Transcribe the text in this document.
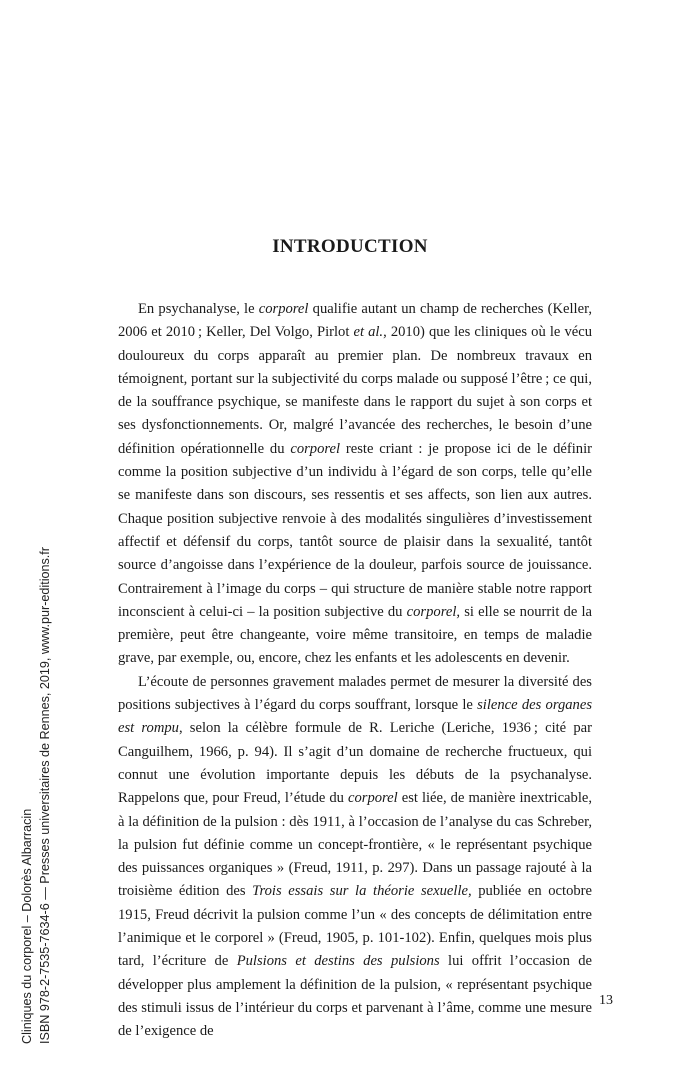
INTRODUCTION

En psychanalyse, le corporel qualifie autant un champ de recherches (Keller, 2006 et 2010 ; Keller, Del Volgo, Pirlot et al., 2010) que les cliniques où le vécu douloureux du corps apparaît au premier plan. De nombreux travaux en témoignent, portant sur la subjectivité du corps malade ou supposé l’être ; ce qui, de la souffrance psychique, se manifeste dans le rapport du sujet à son corps et ses dysfonctionnements. Or, malgré l’avancée des recherches, le besoin d’une définition opérationnelle du corporel reste criant : je propose ici de le définir comme la position subjective d’un individu à l’égard de son corps, telle qu’elle se manifeste dans son discours, ses ressentis et ses affects, son lien aux autres. Chaque position subjective renvoie à des modalités singulières d’investissement affectif et défensif du corps, tantôt source de plaisir dans la sexualité, tantôt source d’angoisse dans l’expérience de la douleur, parfois source de jouissance. Contrairement à l’image du corps – qui structure de manière stable notre rapport inconscient à celui-ci – la position subjective du corporel, si elle se nourrit de la première, peut être changeante, voire même transitoire, en temps de maladie grave, par exemple, ou, encore, chez les enfants et les adolescents en devenir.

L’écoute de personnes gravement malades permet de mesurer la diversité des positions subjectives à l’égard du corps souffrant, lorsque le silence des organes est rompu, selon la célèbre formule de R. Leriche (Leriche, 1936 ; cité par Canguilhem, 1966, p. 94). Il s’agit d’un domaine de recherche fructueux, qui connut une évolution importante depuis les débuts de la psychanalyse. Rappelons que, pour Freud, l’étude du corporel est liée, de manière inextricable, à la définition de la pulsion : dès 1911, à l’occasion de l’analyse du cas Schreber, la pulsion fut définie comme un concept-frontière, « le représentant psychique des puissances organiques » (Freud, 1911, p. 297). Dans un passage rajouté à la troisième édition des Trois essais sur la théorie sexuelle, publiée en octobre 1915, Freud décrivit la pulsion comme l’un « des concepts de délimitation entre l’animique et le corporel » (Freud, 1905, p. 101-102). Enfin, quelques mois plus tard, l’écriture de Pulsions et destins des pulsions lui offrit l’occasion de développer plus amplement la définition de la pulsion, « représentant psychique des stimuli issus de l’intérieur du corps et parvenant à l’âme, comme une mesure de l’exigence de

13
Cliniques du corporel – Dolorès Albarracin ISBN 978-2-7535-7634-6 — Presses universitaires de Rennes, 2019, www.pur-editions.fr
